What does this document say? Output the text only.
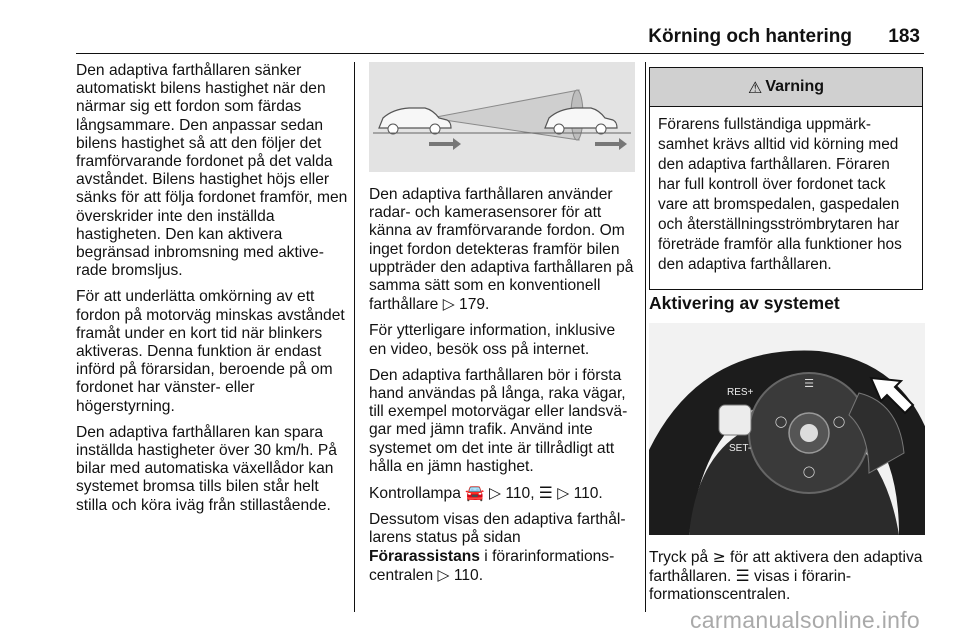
Körning och hantering 183

Den adaptiva farthållaren sänker automatiskt bilens hastighet när den närmar sig ett fordon som färdas långsammare. Den anpassar sedan bilens hastighet så att den följer det framförvarande fordonet på det valda avståndet. Bilens hastighet höjs eller sänks för att följa fordonet framför, men överskrider inte den inställda hastigheten. Den kan aktivera begränsad inbromsning med aktiverade bromsljus.

För att underlätta omkörning av ett fordon på motorväg minskas avståndet framåt under en kort tid när blinkers aktiveras. Denna funktion är endast införd på förarsidan, beroende på om fordonet har vänster- eller högerstyrning.

Den adaptiva farthållaren kan spara inställda hastigheter över 30 km/h. På bilar med automatiska växellådor kan systemet bromsa tills bilen står helt stilla och köra iväg från stillastående.

Den adaptiva farthållaren använder radar- och kamerasensorer för att känna av framförvarande fordon. Om inget fordon detekteras framför bilen uppträder den adaptiva farthållaren på samma sätt som en konventionell farthållare ▷ 179.

För ytterligare information, inklusive en video, besök oss på internet.

Den adaptiva farthållaren bör i första hand användas på långa, raka vägar, till exempel motorvägar eller landsvägar med jämn trafik. Använd inte systemet om det inte är tillrådligt att hålla en jämn hastighet.

Kontrollampa 🚘 ▷ 110, ☰ ▷ 110.

Dessutom visas den adaptiva farthållarens status på sidan
Förarassistans i förarinformationscentralen ▷ 110.

⚠ Varning
Förarens fullständiga uppmärksamhet krävs alltid vid körning med den adaptiva farthållaren. Föraren har full kontroll över fordonet tack vare att bromspedalen, gaspedalen och återställningsströmbrytaren har företräde framför alla funktioner hos den adaptiva farthållaren.
Aktivering av systemet
☰
◯	◯
◯
RES+
SET-
Tryck på ≥ för att aktivera den adaptiva farthållaren. ☰ visas i förarinformationscentralen.
carmanualsonline.info
